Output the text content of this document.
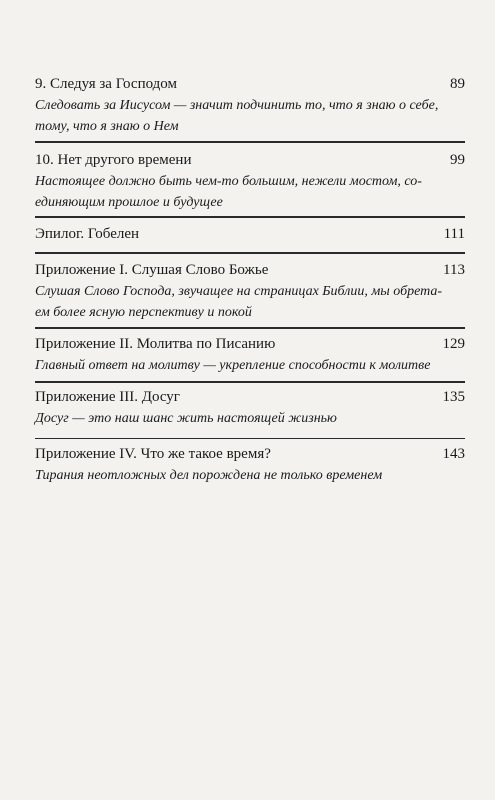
9. Следуя за Господом	89
Следовать за Иисусом — значит подчинить то, что я знаю о себе,
тому, что я знаю о Нем
10. Нет другого времени	99
Настоящее должно быть чем-то большим, нежели мостом, со-
единяющим прошлое и будущее
Эпилог. Гобелен	111
Приложение I. Слушая Слово Божье	113
Слушая Слово Господа, звучащее на страницах Библии, мы обрета-
ем более ясную перспективу и покой
Приложение II. Молитва по Писанию	129
Главный ответ на молитву — укрепление способности к молитве
Приложение III. Досуг	135
Досуг — это наш шанс жить настоящей жизнью
Приложение IV. Что же такое время?	143
Тирания неотложных дел порождена не только временем
